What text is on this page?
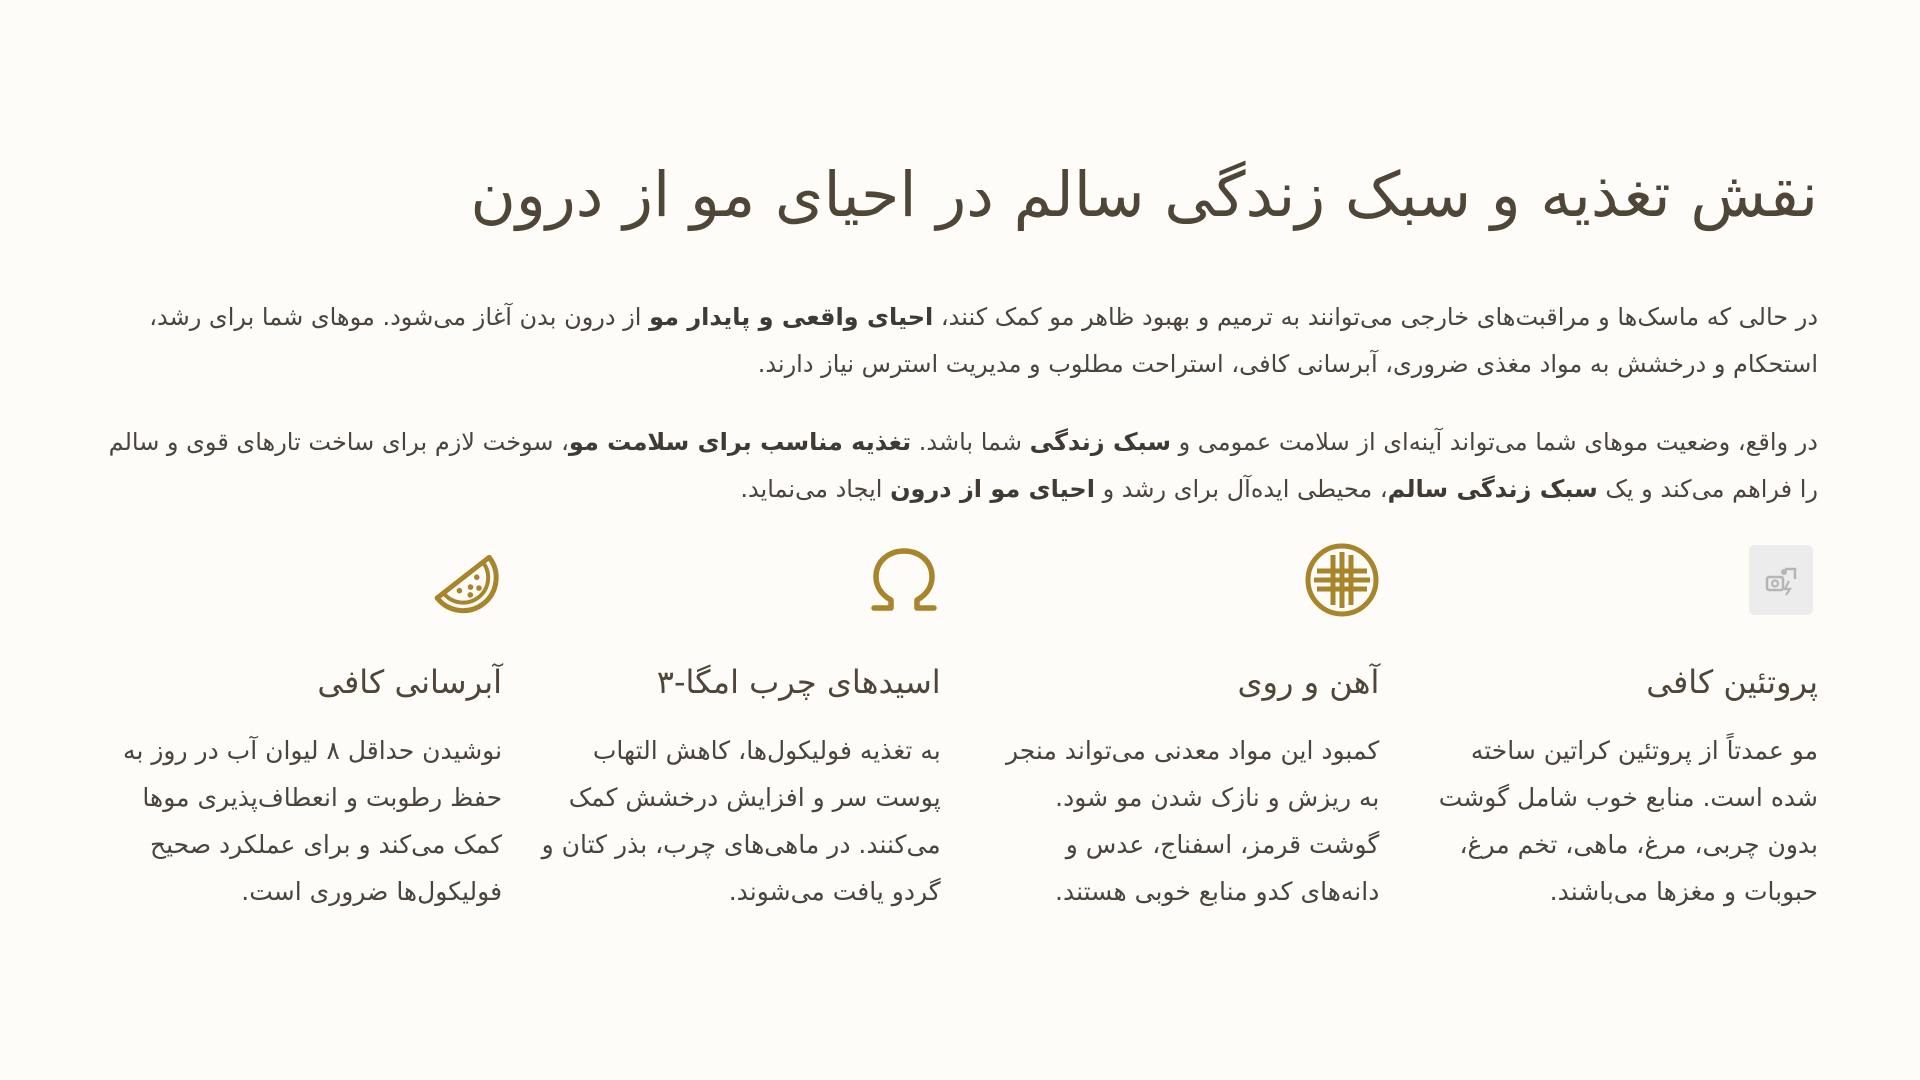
نقش تغذیه و سبک زندگی سالم در احیای مو از درون

در حالی که ماسک‌ها و مراقبت‌های خارجی می‌توانند به ترمیم و بهبود ظاهر مو کمک کنند، احیای واقعی و پایدار مو از درون بدن آغاز می‌شود. موهای شما برای رشد، استحکام و درخشش به مواد مغذی ضروری، آبرسانی کافی، استراحت مطلوب و مدیریت استرس نیاز دارند.

در واقع، وضعیت موهای شما می‌تواند آینه‌ای از سلامت عمومی و سبک زندگی شما باشد. تغذیه مناسب برای سلامت مو، سوخت لازم برای ساخت تارهای قوی و سالم را فراهم می‌کند و یک سبک زندگی سالم، محیطی ایده‌آل برای رشد و احیای مو از درون ایجاد می‌نماید.

پروتئین کافی

مو عمدتاً از پروتئین کراتین ساخته شده است. منابع خوب شامل گوشت بدون چربی، مرغ، ماهی، تخم مرغ، حبوبات و مغزها می‌باشند.

آهن و روی

کمبود این مواد معدنی می‌تواند منجر به ریزش و نازک شدن مو شود. گوشت قرمز، اسفناج، عدس و دانه‌های کدو منابع خوبی هستند.

اسیدهای چرب امگا-۳

به تغذیه فولیکول‌ها، کاهش التهاب پوست سر و افزایش درخشش کمک می‌کنند. در ماهی‌های چرب، بذر کتان و گردو یافت می‌شوند.

آبرسانی کافی

نوشیدن حداقل ۸ لیوان آب در روز به حفظ رطوبت و انعطاف‌پذیری موها کمک می‌کند و برای عملکرد صحیح فولیکول‌ها ضروری است.
